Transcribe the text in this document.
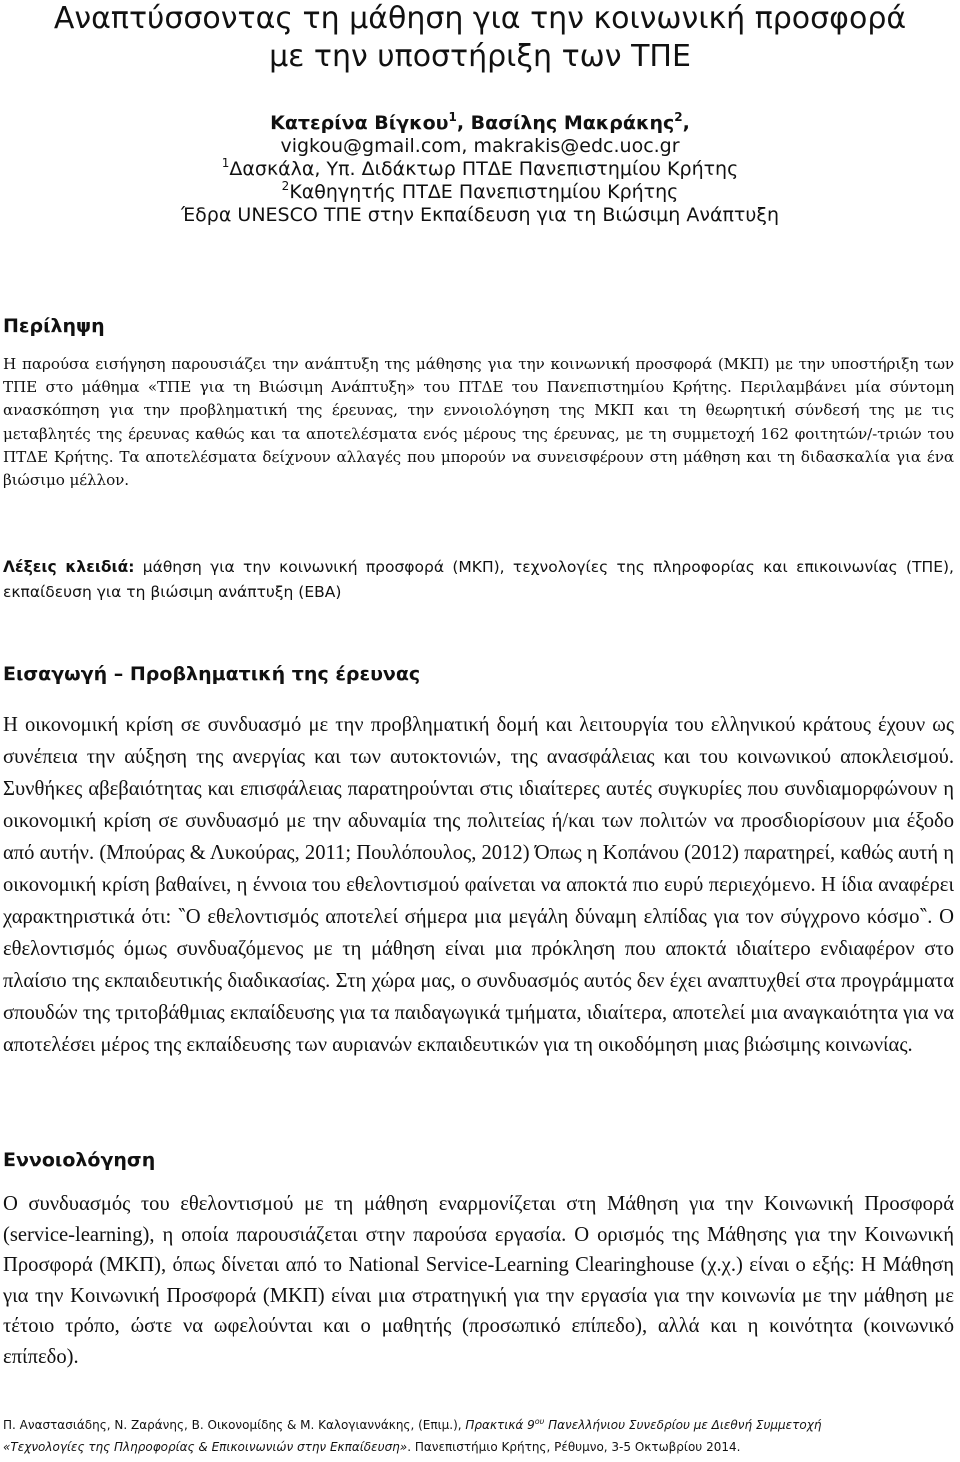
Αναπτύσσοντας τη μάθηση για την κοινωνική προσφορά
με την υποστήριξη των ΤΠΕ
Κατερίνα Βίγκου$^1$, Βασίλης Μακράκης$^2$,
vigkou@gmail.com, makrakis@edc.uoc.gr
$^1$Δασκάλα, Υπ. Διδάκτωρ ΠΤΔΕ Πανεπιστημίου Κρήτης
$^2$Καθηγητής ΠΤΔΕ Πανεπιστημίου Κρήτης
Έδρα UNESCO ΤΠΕ στην Εκπαίδευση για τη Βιώσιμη Ανάπτυξη
Περίληψη

Η παρούσα εισήγηση παρουσιάζει την ανάπτυξη της μάθησης για την κοινωνική προσφορά (ΜΚΠ) με την υποστήριξη των ΤΠΕ στο μάθημα «ΤΠΕ για τη Βιώσιμη Ανάπτυξη» του ΠΤΔΕ του Πανεπιστημίου Κρήτης. Περιλαμβάνει μία σύντομη ανασκόπηση για την προβληματική της έρευνας, την εννοιολόγηση της ΜΚΠ και τη θεωρητική σύνδεσή της με τις μεταβλητές της έρευνας καθώς και τα αποτελέσματα ενός μέρους της έρευνας, με τη συμμετοχή 162 φοιτητών/-τριών του ΠΤΔΕ Κρήτης. Τα αποτελέσματα δείχνουν αλλαγές που μπορούν να συνεισφέρουν στη μάθηση και τη διδασκαλία για ένα βιώσιμο μέλλον.

Λέξεις κλειδιά: μάθηση για την κοινωνική προσφορά (ΜΚΠ), τεχνολογίες της πληροφορίας και επικοινωνίας (ΤΠΕ), εκπαίδευση για τη βιώσιμη ανάπτυξη (ΕΒΑ)

Εισαγωγή – Προβληματική της έρευνας

Η οικονομική κρίση σε συνδυασμό με την προβληματική δομή και λειτουργία του ελληνικού κράτους έχουν ως συνέπεια την αύξηση της ανεργίας και των αυτοκτονιών, της ανασφάλειας και του κοινωνικού αποκλεισμού. Συνθήκες αβεβαιότητας και επισφάλειας παρατηρούνται στις ιδιαίτερες αυτές συγκυρίες που συνδιαμορφώνουν η οικονομική κρίση σε συνδυασμό με την αδυναμία της πολιτείας ή/και των πολιτών να προσδιορίσουν μια έξοδο από αυτήν. (Μπούρας & Λυκούρας, 2011; Πουλόπουλος, 2012) Όπως η Κοπάνου (2012) παρατηρεί, καθώς αυτή η οικονομική κρίση βαθαίνει, η έννοια του εθελοντισμού φαίνεται να αποκτά πιο ευρύ περιεχόμενο. Η ίδια αναφέρει χαρακτηριστικά ότι: ‶Ο εθελοντισμός αποτελεί σήμερα μια μεγάλη δύναμη ελπίδας για τον σύγχρονο κόσμο‶. Ο εθελοντισμός όμως συνδυαζόμενος με τη μάθηση είναι μια πρόκληση που αποκτά ιδιαίτερο ενδιαφέρον στο πλαίσιο της εκπαιδευτικής διαδικασίας. Στη χώρα μας, ο συνδυασμός αυτός δεν έχει αναπτυχθεί στα προγράμματα σπουδών της τριτοβάθμιας εκπαίδευσης για τα παιδαγωγικά τμήματα, ιδιαίτερα, αποτελεί μια αναγκαιότητα για να αποτελέσει μέρος της εκπαίδευσης των αυριανών εκπαιδευτικών για τη οικοδόμηση μιας βιώσιμης κοινωνίας.

Εννοιολόγηση

Ο συνδυασμός του εθελοντισμού με τη μάθηση εναρμονίζεται στη Μάθηση για την Κοινωνική Προσφορά (service-learning), η οποία παρουσιάζεται στην παρούσα εργασία. Ο ορισμός της Μάθησης για την Κοινωνική Προσφορά (ΜΚΠ), όπως δίνεται από το National Service-Learning Clearinghouse (χ.χ.) είναι ο εξής: Η Μάθηση για την Κοινωνική Προσφορά (ΜΚΠ) είναι μια στρατηγική για την εργασία για την κοινωνία με την μάθηση με τέτοιο τρόπο, ώστε να ωφελούνται και ο μαθητής (προσωπικό επίπεδο), αλλά και η κοινότητα (κοινωνικό επίπεδο).

Π. Αναστασιάδης, Ν. Ζαράνης, Β. Οικονομίδης & Μ. Καλογιαννάκης, (Επιμ.), Πρακτικά $9^{o\upsilon}$ Πανελλήνιου Συνεδρίου με Διεθνή Συμμετοχή
«Τεχνολογίες της Πληροφορίας & Επικοινωνιών στην Εκπαίδευση». Πανεπιστήμιο Κρήτης, Ρέθυμνο, 3-5 Οκτωβρίου 2014.
